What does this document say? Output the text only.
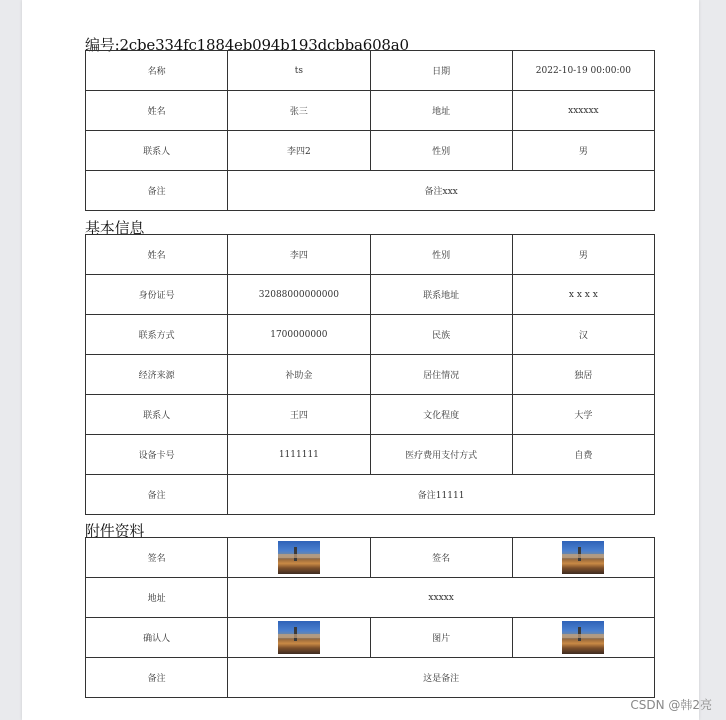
编号:2cbe334fc1884eb094b193dcbba608a0
名称	ts	日期	2022-10-19 00:00:00
姓名	张三	地址	xxxxxx
联系人	李四2	性别	男
备注	备注xxx		
基本信息
姓名	李四	性别	男
身份证号	32088000000000	联系地址	x x x x
联系方式	1700000000	民族	汉
经济来源	补助金	居住情况	独居
联系人	王四	文化程度	大学
设备卡号	1111111	医疗费用支付方式	自费
备注	备注11111		
附件资料
签名		签名	
地址	xxxxx		
确认人		图片	
备注	这是备注		
CSDN @韩2亮
